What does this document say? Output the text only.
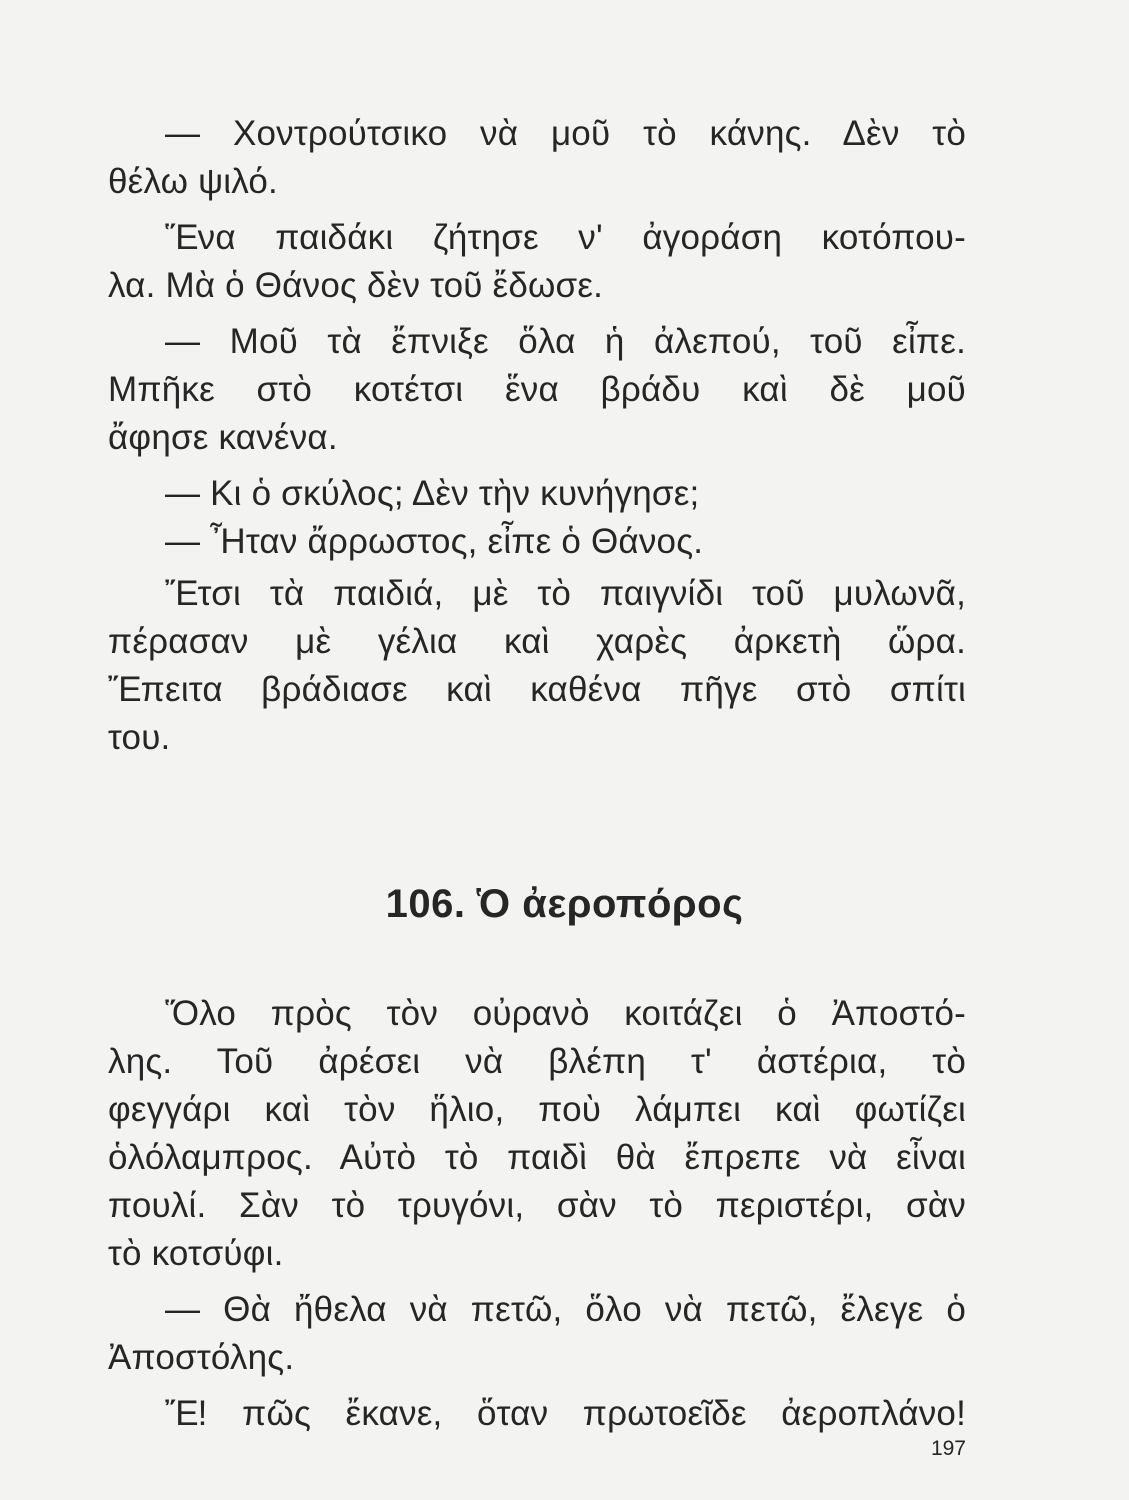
— Χοντρούτσικο νὰ μοῦ τὸ κάνης. Δὲν τὸ
θέλω ψιλό.
Ἕνα παιδάκι ζήτησε ν' ἀγοράση κοτόπου-
λα. Μὰ ὁ Θάνος δὲν τοῦ ἔδωσε.
— Μοῦ τὰ ἔπνιξε ὅλα ἡ ἀλεπού, τοῦ εἶπε.
Μπῆκε στὸ κοτέτσι ἕνα βράδυ καὶ δὲ μοῦ
ἄφησε κανένα.
— Κι ὁ σκύλος; Δὲν τὴν κυνήγησε;
— Ἦταν ἄρρωστος, εἶπε ὁ Θάνος.
Ἔτσι τὰ παιδιά, μὲ τὸ παιγνίδι τοῦ μυλωνᾶ,
πέρασαν μὲ γέλια καὶ χαρὲς ἀρκετὴ ὥρα.
Ἔπειτα βράδιασε καὶ καθένα πῆγε στὸ σπίτι
του.
106. Ὁ ἀεροπόρος
Ὅλο πρὸς τὸν οὐρανὸ κοιτάζει ὁ Ἀποστό-
λης. Τοῦ ἀρέσει νὰ βλέπη τ' ἀστέρια, τὸ
φεγγάρι καὶ τὸν ἥλιο, ποὺ λάμπει καὶ φωτίζει
ὁλόλαμπρος. Αὐτὸ τὸ παιδὶ θὰ ἔπρεπε νὰ εἶναι
πουλί. Σὰν τὸ τρυγόνι, σὰν τὸ περιστέρι, σὰν
τὸ κοτσύφι.
— Θὰ ἤθελα νὰ πετῶ, ὅλο νὰ πετῶ, ἔλεγε ὁ
Ἀποστόλης.
Ἔ! πῶς ἔκανε, ὅταν πρωτοεῖδε ἀεροπλάνο!
197
